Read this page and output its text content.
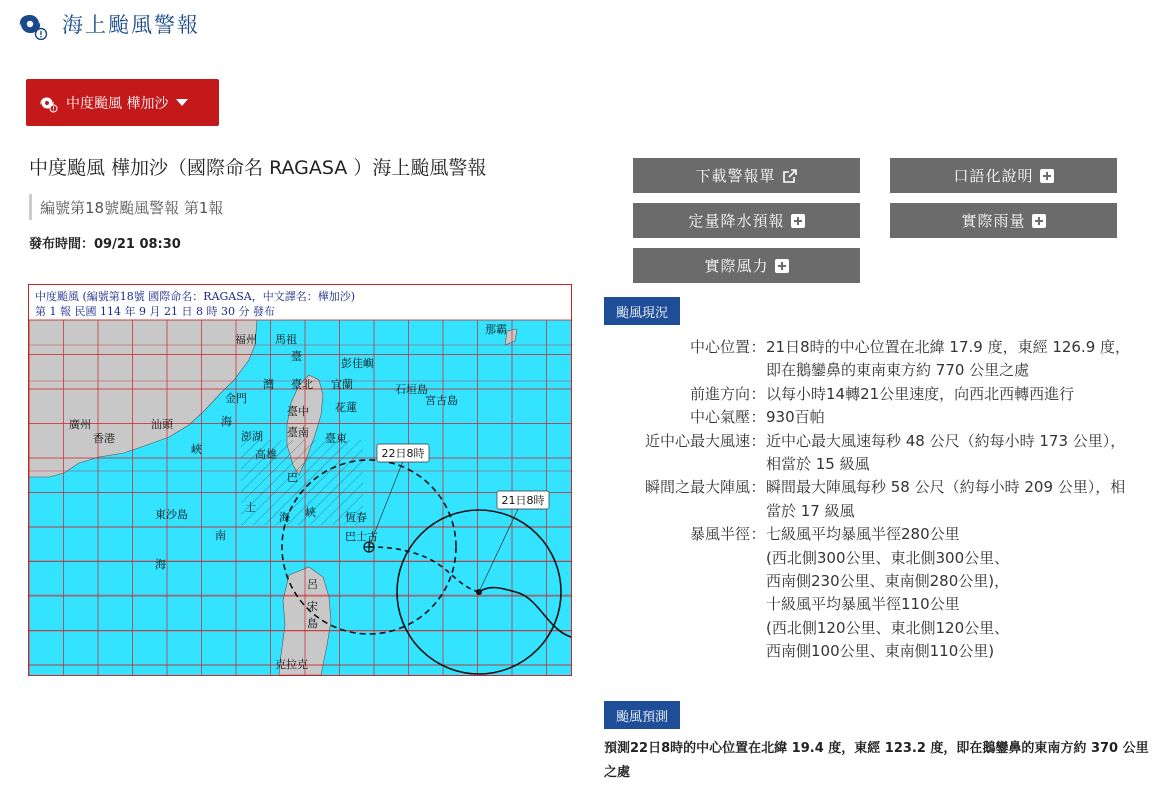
海上颱風警報
中度颱風 樺加沙
中度颱風 樺加沙（國際命名 RAGASA ）海上颱風警報
編號第18號颱風警報 第1報
發布時間：09/21 08:30
中度颱風 (編號第18號 國際命名：RAGASA，中文譯名：樺加沙)
第 1 報 民國 114 年 9 月 21 日 8 時 30 分 發布
21日8時
22日8時
福州 馬祖
臺
彭佳嶼
那霸
灣 臺北 宜蘭	石垣島
宮古島
金門
海
臺中 花蓮
廣州	汕頭
澎湖 臺南 臺東
香港
峽	高雄
巴
士
海 峽	恆春
巴士古
東沙島
南
海
呂
宋
島
克拉克
下載警報單	口語化說明
定量降水預報	實際雨量
實際風力
颱風現況
中心位置 ： 21日8時的中心位置在北緯 17.9 度，東經 126.9 度，即在鵝鑾鼻的東南東方約 770 公里之處
前進方向 ： 以每小時14轉21公里速度，向西北西轉西進行
中心氣壓 ： 930百帕
近中心最大風速 ： 近中心最大風速每秒 48 公尺（約每小時 173 公里），相當於 15 級風
瞬間之最大陣風 ： 瞬間最大陣風每秒 58 公尺（約每小時 209 公里），相當於 17 級風
暴風半徑 ： 七級風平均暴風半徑280公里
(西北側300公里、東北側300公里、
西南側230公里、東南側280公里)，
十級風平均暴風半徑110公里
(西北側120公里、東北側120公里、
西南側100公里、東南側110公里)
颱風預測
預測22日8時的中心位置在北緯 19.4 度，東經 123.2 度，即在鵝鑾鼻的東南方約 370 公里之處
